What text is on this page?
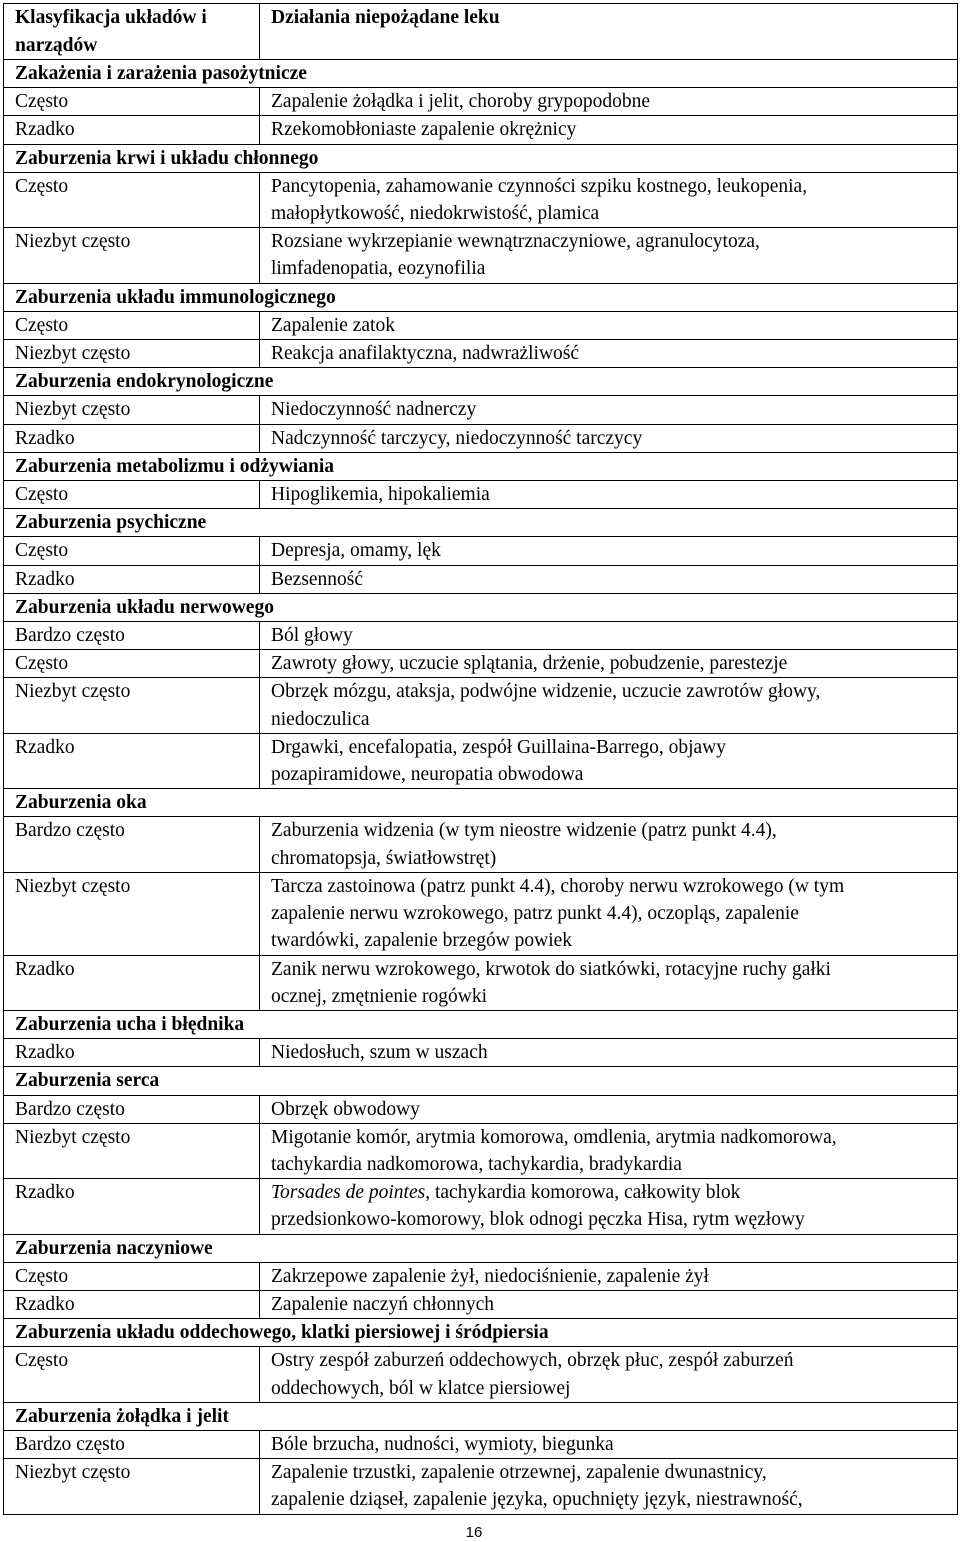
Klasyfikacja układów i narządów	Działania niepożądane leku
Zakażenia i zarażenia pasożytnicze	
Często	Zapalenie żołądka i jelit, choroby grypopodobne

Rzadko	Rzekomobłoniaste zapalenie okrężnicy

Zaburzenia krwi i układu chłonnego	
Często	Pancytopenia, zahamowanie czynności szpiku kostnego, leukopenia,
małopłytkowość, niedokrwistość, plamica

Niezbyt często	Rozsiane wykrzepianie wewnątrznaczyniowe, agranulocytoza,
limfadenopatia, eozynofilia

Zaburzenia układu immunologicznego	
Często	Zapalenie zatok

Niezbyt często	Reakcja anafilaktyczna, nadwrażliwość

Zaburzenia endokrynologiczne	
Niezbyt często	Niedoczynność nadnerczy

Rzadko	Nadczynność tarczycy, niedoczynność tarczycy

Zaburzenia metabolizmu i odżywiania	
Często	Hipoglikemia, hipokaliemia

Zaburzenia psychiczne	
Często	Depresja, omamy, lęk

Rzadko	Bezsenność

Zaburzenia układu nerwowego	
Bardzo często	Ból głowy

Często	Zawroty głowy, uczucie splątania, drżenie, pobudzenie, parestezje

Niezbyt często	Obrzęk mózgu, ataksja, podwójne widzenie, uczucie zawrotów głowy,
niedoczulica

Rzadko	Drgawki, encefalopatia, zespół Guillaina-Barrego, objawy
pozapiramidowe, neuropatia obwodowa

Zaburzenia oka	
Bardzo często	Zaburzenia widzenia (w tym nieostre widzenie (patrz punkt 4.4),
chromatopsja, światłowstręt)

Niezbyt często	Tarcza zastoinowa (patrz punkt 4.4), choroby nerwu wzrokowego (w tym
zapalenie nerwu wzrokowego, patrz punkt 4.4), oczopląs, zapalenie
twardówki, zapalenie brzegów powiek

Rzadko	Zanik nerwu wzrokowego, krwotok do siatkówki, rotacyjne ruchy gałki
ocznej, zmętnienie rogówki

Zaburzenia ucha i błędnika	
Rzadko	Niedosłuch, szum w uszach

Zaburzenia serca	
Bardzo często	Obrzęk obwodowy

Niezbyt często	Migotanie komór, arytmia komorowa, omdlenia, arytmia nadkomorowa,
tachykardia nadkomorowa, tachykardia, bradykardia

Rzadko	Torsades de pointes, tachykardia komorowa, całkowity blok
przedsionkowo-komorowy, blok odnogi pęczka Hisa, rytm węzłowy

Zaburzenia naczyniowe	
Często	Zakrzepowe zapalenie żył, niedociśnienie, zapalenie żył

Rzadko	Zapalenie naczyń chłonnych

Zaburzenia układu oddechowego, klatki piersiowej i śródpiersia	
Często	Ostry zespół zaburzeń oddechowych, obrzęk płuc, zespół zaburzeń
oddechowych, ból w klatce piersiowej

Zaburzenia żołądka i jelit	
Bardzo często	Bóle brzucha, nudności, wymioty, biegunka

Niezbyt często	Zapalenie trzustki, zapalenie otrzewnej, zapalenie dwunastnicy,
zapalenie dziąseł, zapalenie języka, opuchnięty język, niestrawność,
16
